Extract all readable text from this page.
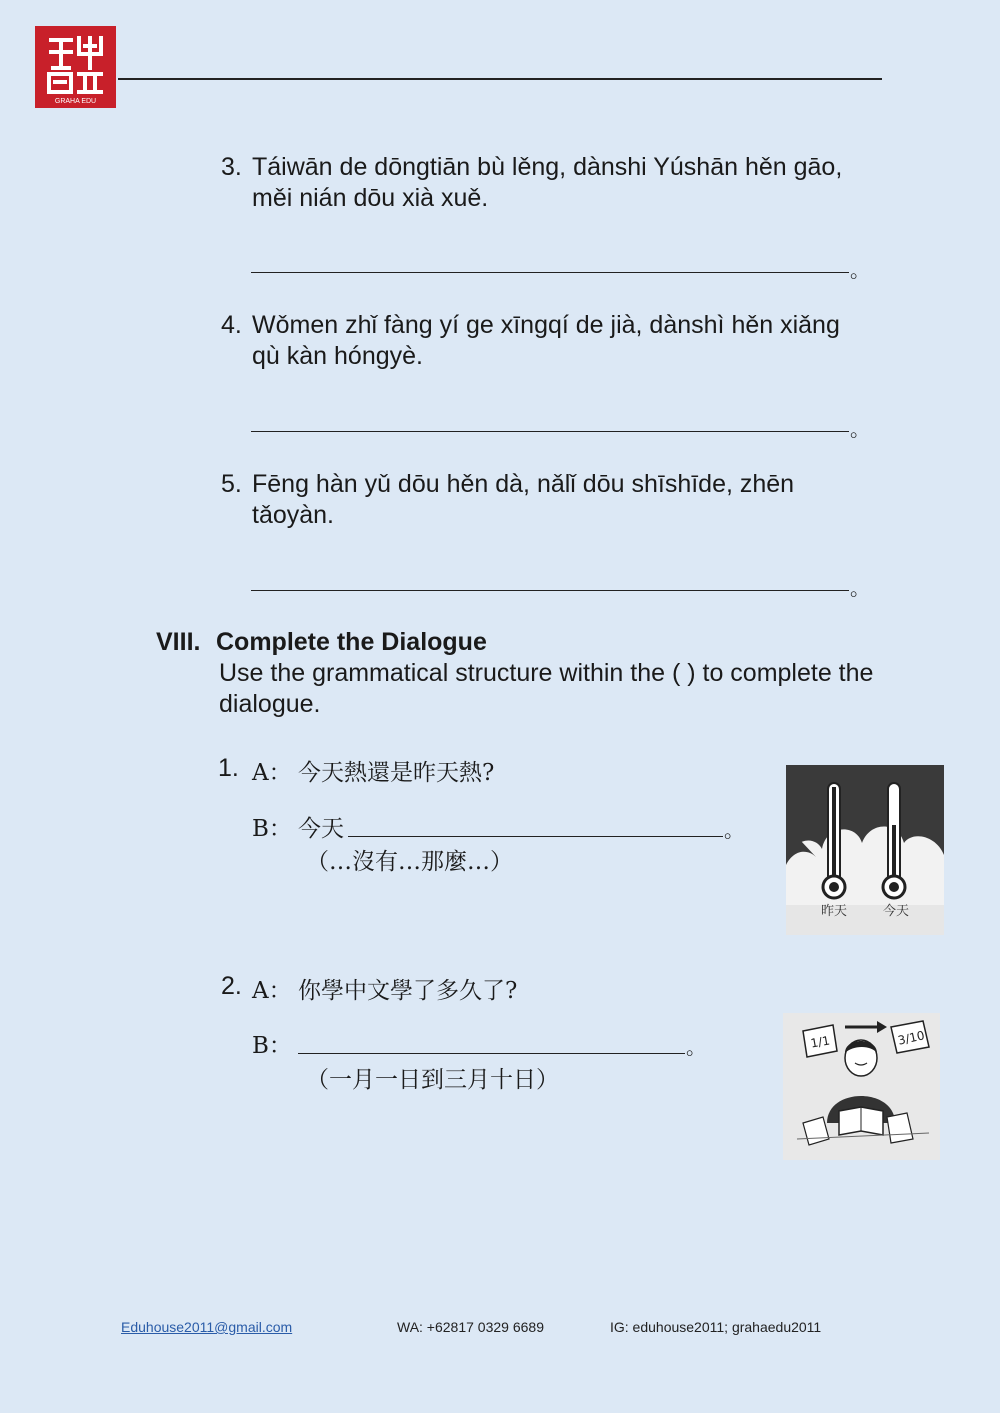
GRAHA EDU
3. Táiwān de dōngtiān bù lěng, dànshi Yúshān hěn gāo, měi nián dōu xià xuě.
。
4. Wǒmen zhǐ fàng yí ge xīngqí de jià, dànshì hěn xiǎng qù kàn hóngyè.
。
5. Fēng hàn yǔ dōu hěn dà, nǎlǐ dōu shīshīde, zhēn tǎoyàn.
。
VIII. Complete the Dialogue
Use the grammatical structure within the ( ) to complete the dialogue.
1. A： 今天熱還是昨天熱?
B： 今天	。
（…沒有…那麼…）
昨天	今天
2. A： 你學中文學了多久了?
B：	。
（一月一日到三月十日）
1/1	3/10
Eduhouse2011@gmail.com	WA: +62817 0329 6689	IG: eduhouse2011; grahaedu2011
